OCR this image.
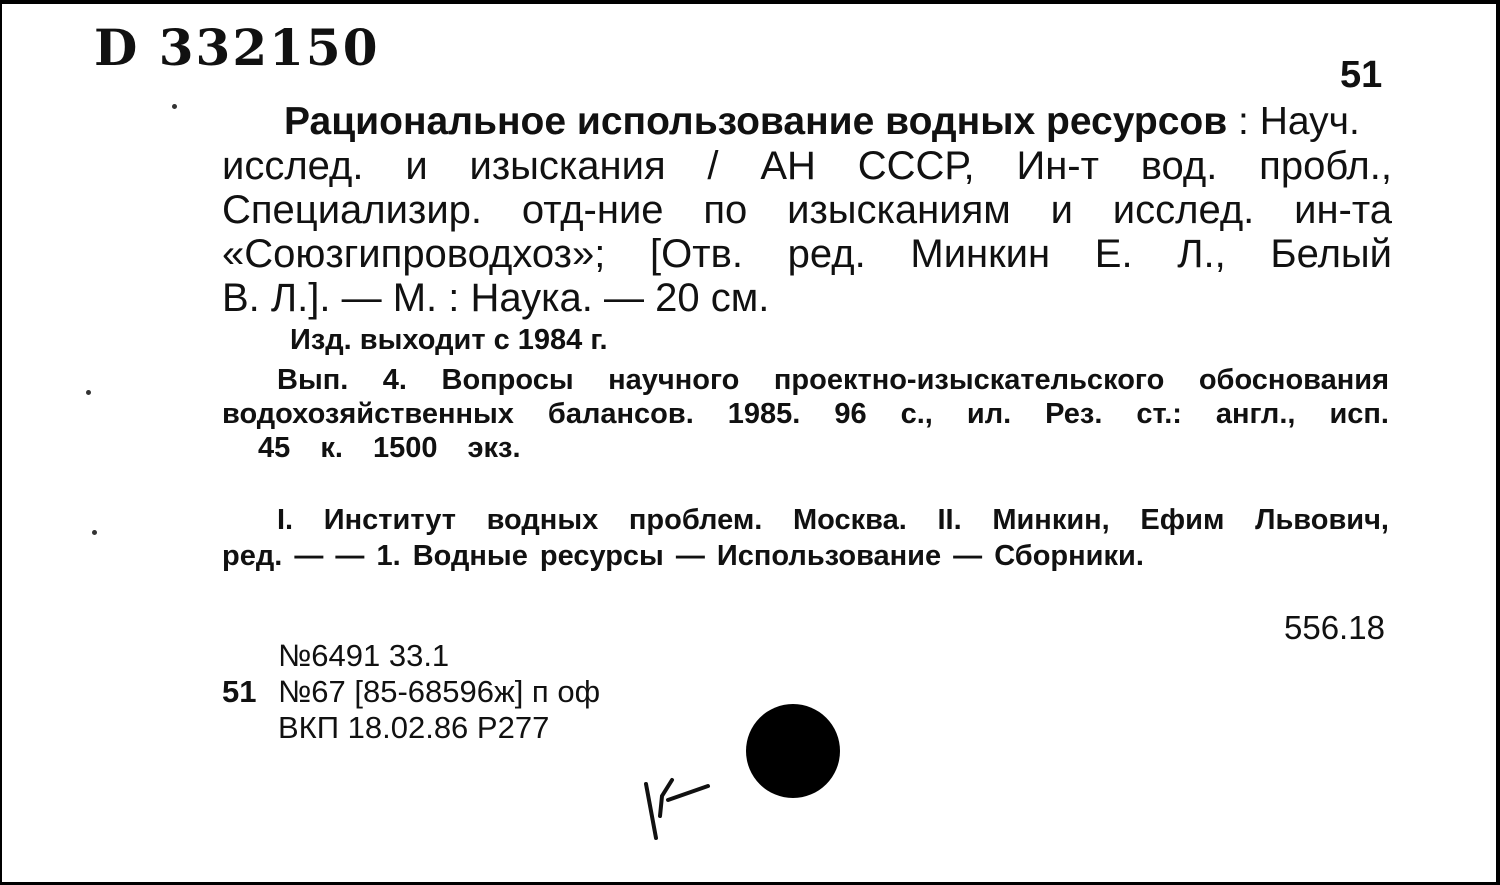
D 332150	51
Рациональное использование водных ресурсов : Науч.
исслед. и изыскания / АН СССР, Ин-т вод. пробл.,
Специализир. отд-ние по изысканиям и исслед. ин-та
«Союзгипроводхоз»; [Отв. ред. Минкин Е. Л., Белый
В. Л.]. — М. : Наука. — 20 см.
Изд. выходит с 1984 г.
Вып. 4. Вопросы научного проектно-изыскательского обоснования
водохозяйственных балансов. 1985. 96 с., ил. Рез. ст.: англ., исп.
45 к. 1500 экз.
I. Институт водных проблем. Москва. II. Минкин, Ефим Львович,
ред. — — 1. Водные ресурсы — Использование — Сборники.
556.18
№6491 33.1
51 №67 [85-68596ж] п оф
ВКП 18.02.86 Р277
